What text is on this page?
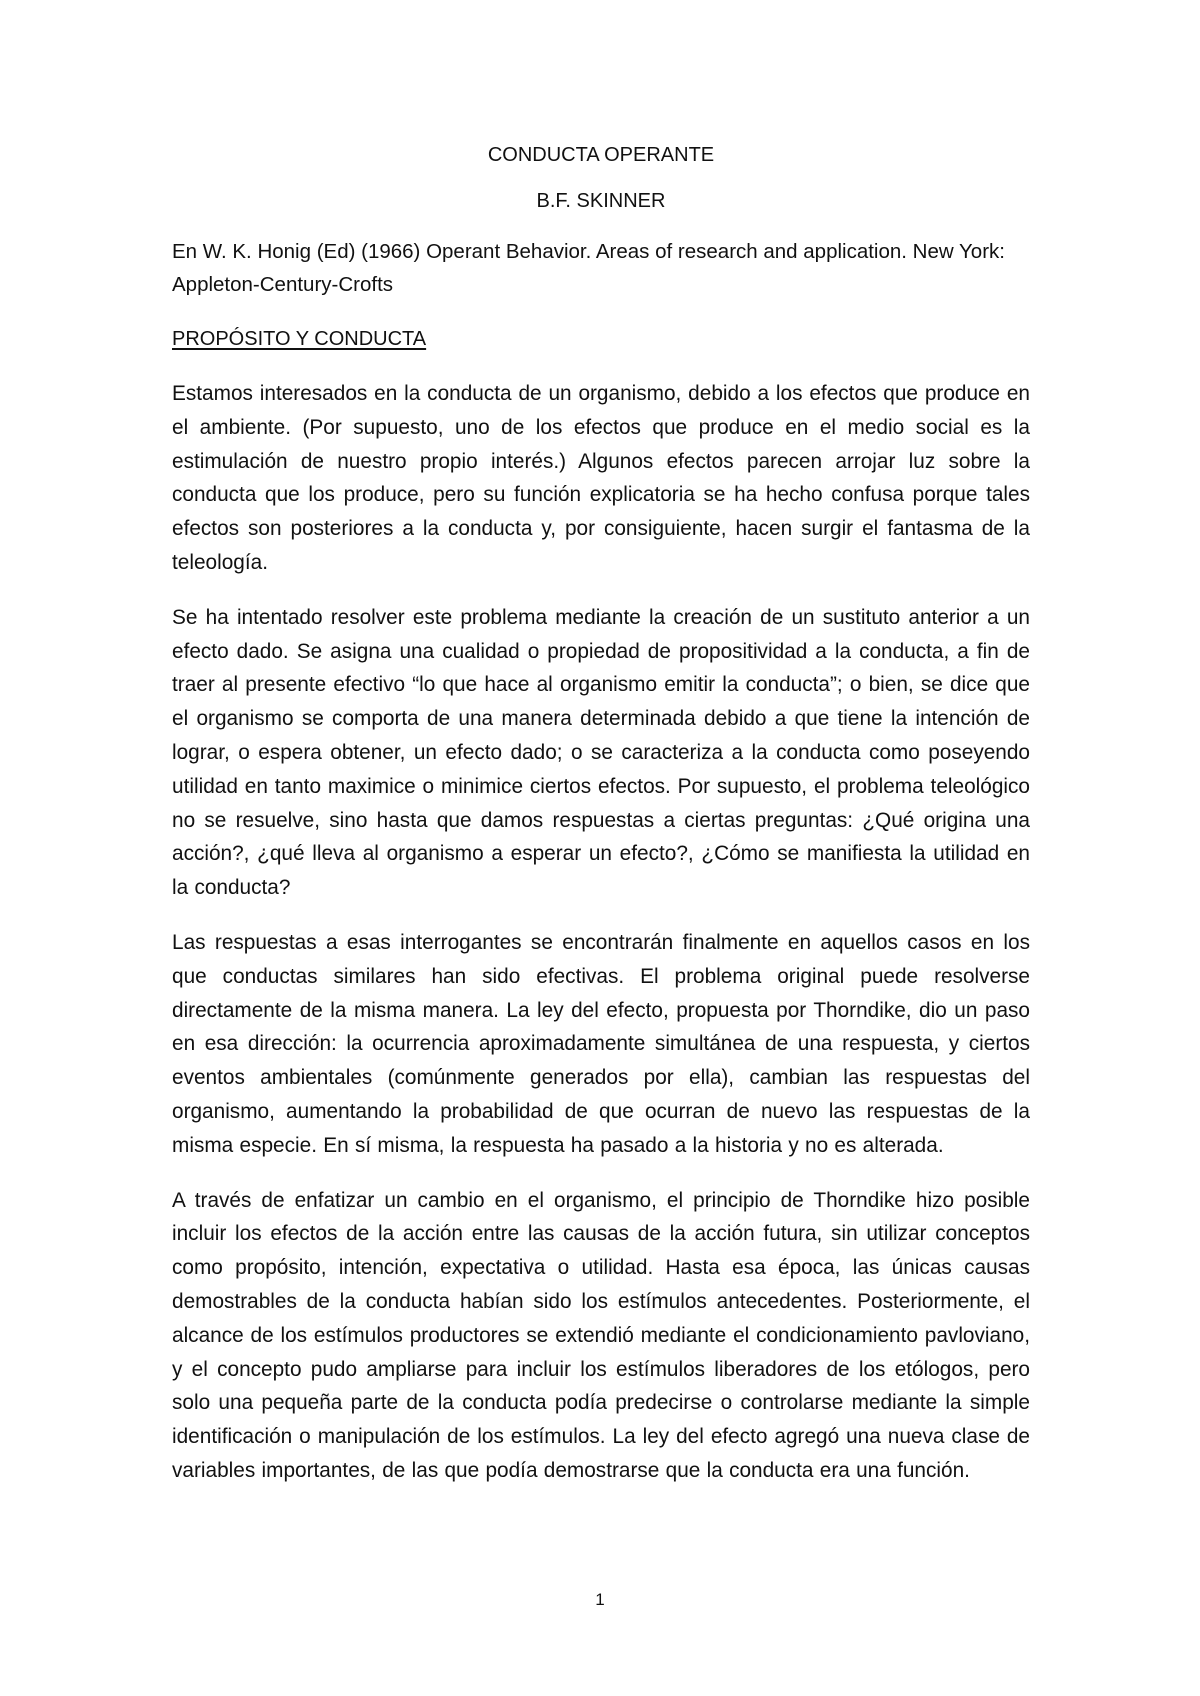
CONDUCTA OPERANTE
B.F. SKINNER
En W. K. Honig (Ed) (1966) Operant Behavior. Areas of research and application. New York: Appleton-Century-Crofts
PROPÓSITO Y CONDUCTA

Estamos interesados en la conducta de un organismo, debido a los efectos que produce en el ambiente. (Por supuesto, uno de los efectos que produce en el medio social es la estimulación de nuestro propio interés.) Algunos efectos parecen arrojar luz sobre la conducta que los produce, pero su función explicatoria se ha hecho confusa porque tales efectos son posteriores a la conducta y, por consiguiente, hacen surgir el fantasma de la teleología.

Se ha intentado resolver este problema mediante la creación de un sustituto anterior a un efecto dado. Se asigna una cualidad o propiedad de propositividad a la conducta, a fin de traer al presente efectivo “lo que hace al organismo emitir la conducta”; o bien, se dice que el organismo se comporta de una manera determinada debido a que tiene la intención de lograr, o espera obtener, un efecto dado; o se caracteriza a la conducta como poseyendo utilidad en tanto maximice o minimice ciertos efectos. Por supuesto, el problema teleológico no se resuelve, sino hasta que damos respuestas a ciertas preguntas: ¿Qué origina una acción?, ¿qué lleva al organismo a esperar un efecto?, ¿Cómo se manifiesta la utilidad en la conducta?

Las respuestas a esas interrogantes se encontrarán finalmente en aquellos casos en los que conductas similares han sido efectivas. El problema original puede resolverse directamente de la misma manera. La ley del efecto, propuesta por Thorndike, dio un paso en esa dirección: la ocurrencia aproximadamente simultánea de una respuesta, y ciertos eventos ambientales (comúnmente generados por ella), cambian las respuestas del organismo, aumentando la probabilidad de que ocurran de nuevo las respuestas de la misma especie. En sí misma, la respuesta ha pasado a la historia y no es alterada.

A través de enfatizar un cambio en el organismo, el principio de Thorndike hizo posible incluir los efectos de la acción entre las causas de la acción futura, sin utilizar conceptos como propósito, intención, expectativa o utilidad. Hasta esa época, las únicas causas demostrables de la conducta habían sido los estímulos antecedentes. Posteriormente, el alcance de los estímulos productores se extendió mediante el condicionamiento pavloviano, y el concepto pudo ampliarse para incluir los estímulos liberadores de los etólogos, pero solo una pequeña parte de la conducta podía predecirse o controlarse mediante la simple identificación o manipulación de los estímulos. La ley del efecto agregó una nueva clase de variables importantes, de las que podía demostrarse que la conducta era una función.

1
